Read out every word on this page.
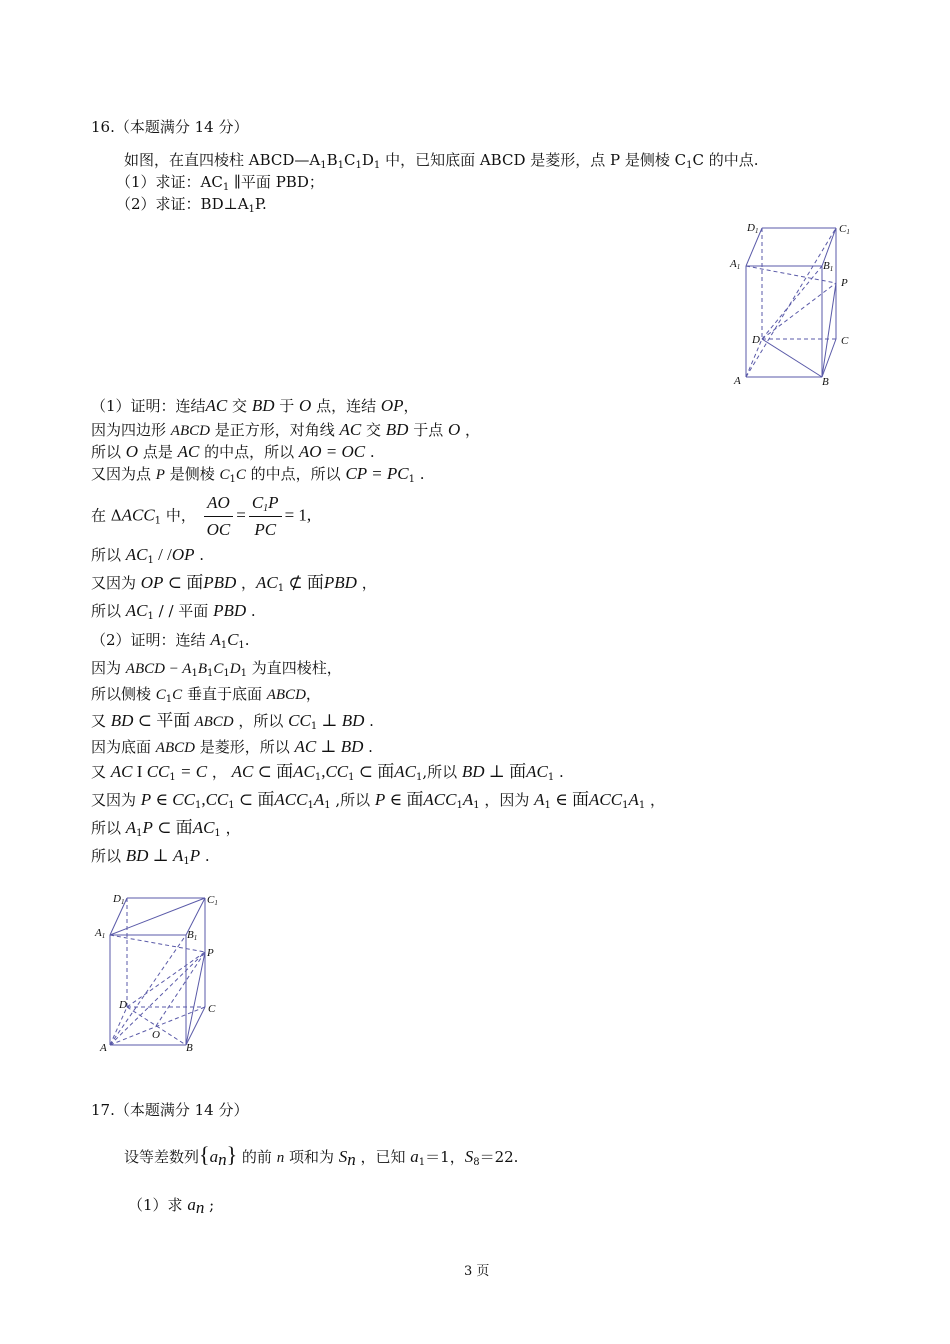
16.（本题满分 14 分）
如图，在直四棱柱 $ABCD—A_1B_1C_1D_1$ 中，已知底面 ABCD 是菱形，点 P 是侧棱 $C_1C$ 的中点.
（1）求证：$AC_1$ ∥平面 PBD；
（2）求证：$BD\perp A_1P$.
D1	C1
A1	B1
P
D	C
A	B
（1）证明：连结AC 交 BD 于 O 点，连结 OP，
因为四边形 ABCD 是正方形，对角线 AC 交 BD 于点 O ，
所以 O 点是 AC 的中点，所以 AO = OC .
又因为点 P 是侧棱 $C_1C$ 的中点，所以 CP = $PC_1$ .
在 $\Delta ACC_1$ 中， $\frac{AO}{OC} = \frac{C_1P}{PC} = 1$,
所以 $AC_1 / /OP$ .
又因为 OP ⊂ 面PBD ，$AC_1$ ⊄ 面PBD ，
所以 $AC_1$ / / 平面 PBD .
（2）证明：连结 $A_1C_1$.
因为 ABCD − $A_1B_1C_1D_1$ 为直四棱柱，
所以侧棱 $C_1C$ 垂直于底面 ABCD，
又 BD ⊂ 平面 ABCD ，所以 $CC_1$ ⊥ BD .
因为底面 ABCD 是菱形，所以 AC ⊥ BD .
又 AC I $CC_1 = C$ ， AC ⊂ 面$AC_1,CC_1$ ⊂ 面$AC_1$,所以 BD ⊥ 面$AC_1$ .
又因为 P ∈ $CC_1,CC_1$ ⊂ 面$ACC_1A_1$ ,所以 P ∈ 面$ACC_1A_1$ ，因为 $A_1$ ∈ 面$ACC_1A_1$ ，
所以 $A_1P$ ⊂ 面$AC_1$ ，
所以 BD ⊥ $A_1P$ .
D1	C1
A1	B1
P
D	C
O
A	B
17.（本题满分 14 分）
设等差数列$\{a_n\}$ 的前 n 项和为 $S_n$ ，已知 $a_1=1$，$S_8=22$.
（1）求 $a_n$ ;
3 页
